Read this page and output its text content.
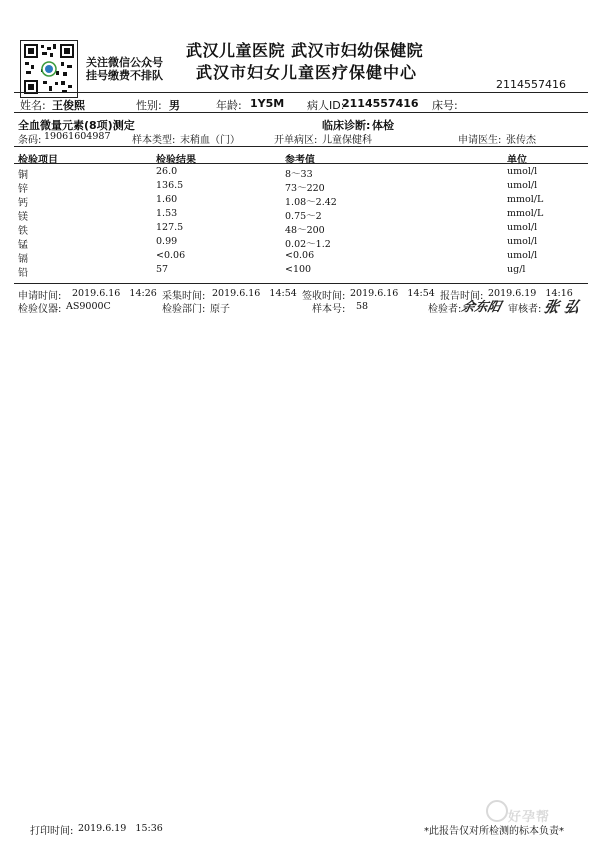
关注微信公众号
挂号缴费不排队
武汉儿童医院 武汉市妇幼保健院
武汉市妇女儿童医疗保健中心
2114557416
姓名: 王俊熙	性别: 男	年龄: 1Y5M 病人ID:
2114557416 床号:
全血微量元素(8项)测定	临床诊断: 体检
条码: 19061604987 样本类型: 末稍血（门）	开单病区: 儿童保健科	申请医生: 张传杰
检验项目	检验结果	参考值	单位
铜	26.0	8～33	umol/l
锌	136.5	73～220	umol/l
钙	1.60	1.08～2.42	mmol/L
镁	1.53	0.75～2	mmol/L
铁	127.5	48～200	umol/l
锰	0.99	0.02～1.2	umol/l
镉	<0.06	<0.06	umol/l
铅	57	<100	ug/l
申请时间: 2019.6.16   14:26 采集时间: 2019.6.16   14:54 签收时间: 2019.6.16   14:54 报告时间: 2019.6.19   14:16
检验仪器: AS9000C	检验部门: 原子	样本号: 58	检验者:
余东阳 审核者: 张 弘
打印时间: 2019.6.19   15:36	*此报告仅对所检测的标本负责*
好孕帮
